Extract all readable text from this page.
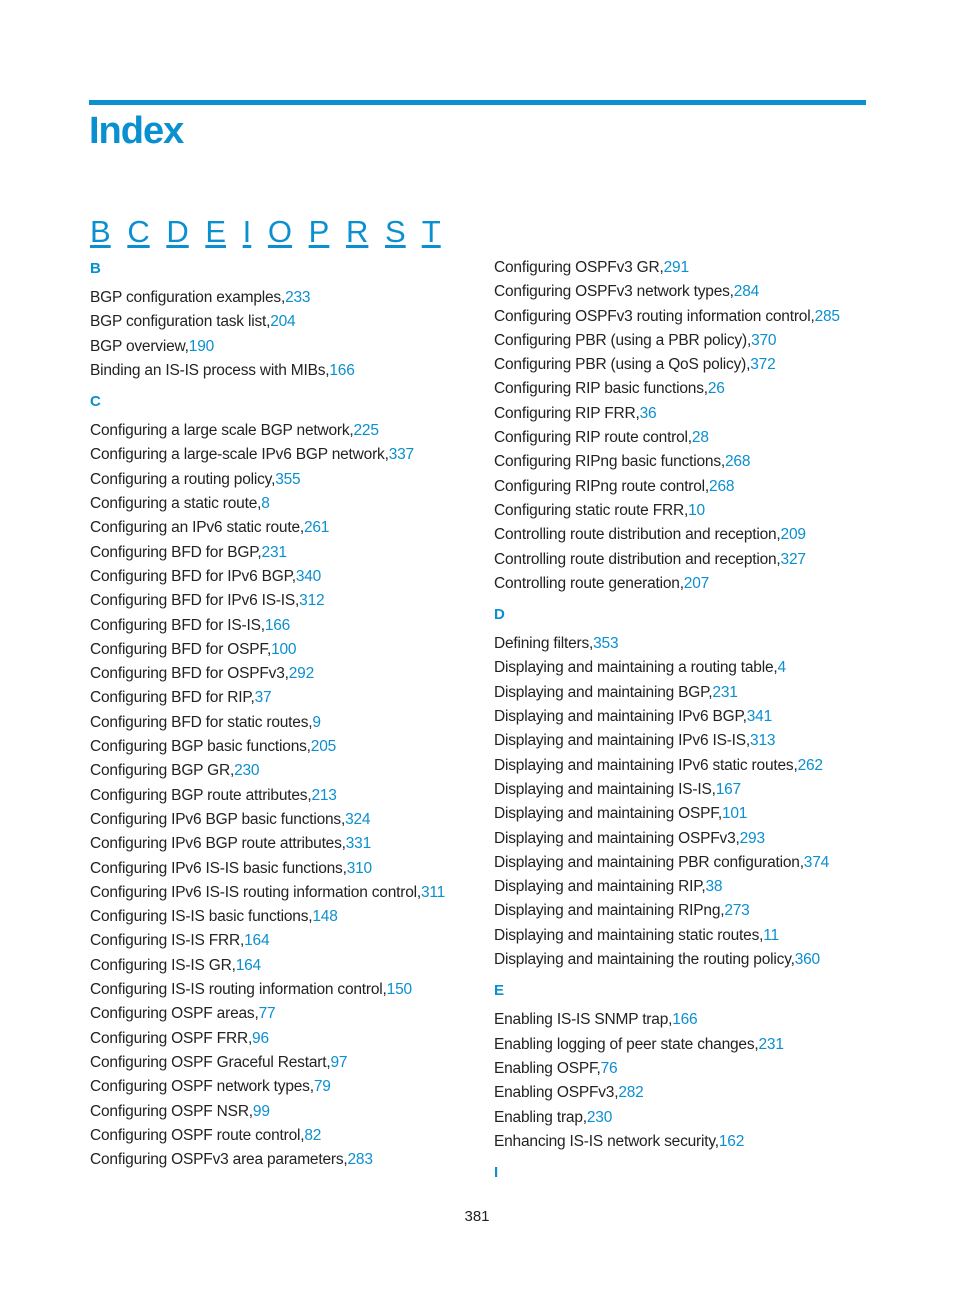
Index
B C D E I O P R S T
B
BGP configuration examples,233
BGP configuration task list,204
BGP overview,190
Binding an IS-IS process with MIBs,166
C
Configuring a large scale BGP network,225
Configuring a large-scale IPv6 BGP network,337
Configuring a routing policy,355
Configuring a static route,8
Configuring an IPv6 static route,261
Configuring BFD for BGP,231
Configuring BFD for IPv6 BGP,340
Configuring BFD for IPv6 IS-IS,312
Configuring BFD for IS-IS,166
Configuring BFD for OSPF,100
Configuring BFD for OSPFv3,292
Configuring BFD for RIP,37
Configuring BFD for static routes,9
Configuring BGP basic functions,205
Configuring BGP GR,230
Configuring BGP route attributes,213
Configuring IPv6 BGP basic functions,324
Configuring IPv6 BGP route attributes,331
Configuring IPv6 IS-IS basic functions,310
Configuring IPv6 IS-IS routing information control,311
Configuring IS-IS basic functions,148
Configuring IS-IS FRR,164
Configuring IS-IS GR,164
Configuring IS-IS routing information control,150
Configuring OSPF areas,77
Configuring OSPF FRR,96
Configuring OSPF Graceful Restart,97
Configuring OSPF network types,79
Configuring OSPF NSR,99
Configuring OSPF route control,82
Configuring OSPFv3 area parameters,283
Configuring OSPFv3 GR,291
Configuring OSPFv3 network types,284
Configuring OSPFv3 routing information control,285
Configuring PBR (using a PBR policy),370
Configuring PBR (using a QoS policy),372
Configuring RIP basic functions,26
Configuring RIP FRR,36
Configuring RIP route control,28
Configuring RIPng basic functions,268
Configuring RIPng route control,268
Configuring static route FRR,10
Controlling route distribution and reception,209
Controlling route distribution and reception,327
Controlling route generation,207
D
Defining filters,353
Displaying and maintaining a routing table,4
Displaying and maintaining BGP,231
Displaying and maintaining IPv6 BGP,341
Displaying and maintaining IPv6 IS-IS,313
Displaying and maintaining IPv6 static routes,262
Displaying and maintaining IS-IS,167
Displaying and maintaining OSPF,101
Displaying and maintaining OSPFv3,293
Displaying and maintaining PBR configuration,374
Displaying and maintaining RIP,38
Displaying and maintaining RIPng,273
Displaying and maintaining static routes,11
Displaying and maintaining the routing policy,360
E
Enabling IS-IS SNMP trap,166
Enabling logging of peer state changes,231
Enabling OSPF,76
Enabling OSPFv3,282
Enabling trap,230
Enhancing IS-IS network security,162
I
381
